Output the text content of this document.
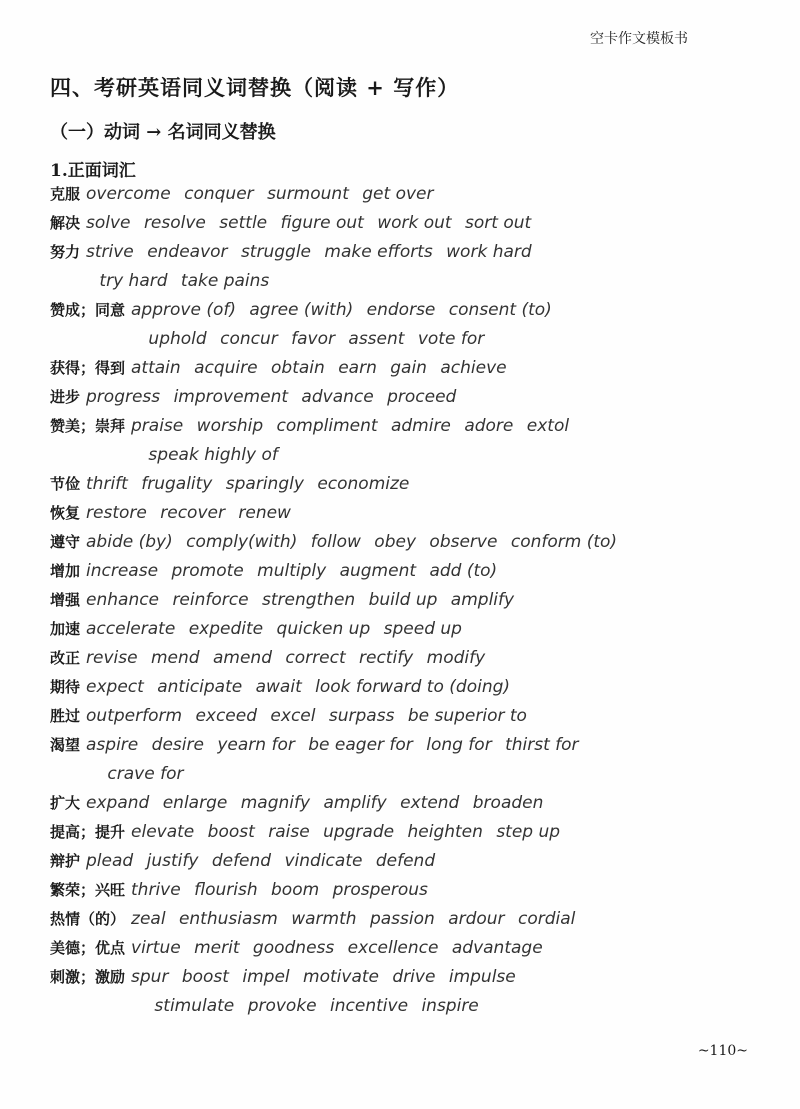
空卡作文模板书
四、考研英语同义词替换（阅读 + 写作）
（一）动词 → 名词同义替换
1.正面词汇
克服 overcome conquer surmount get over
解决 solve resolve settle figure out work out sort out
努力 strive endeavor struggle make efforts work hard
try hard take pains
赞成；同意 approve (of) agree (with) endorse consent (to)
uphold concur favor assent vote for
获得；得到 attain acquire obtain earn gain achieve
进步 progress improvement advance proceed
赞美；崇拜 praise worship compliment admire adore extol
speak highly of
节俭 thrift frugality sparingly economize
恢复 restore recover renew
遵守 abide (by) comply(with) follow obey observe conform (to)
增加 increase promote multiply augment add (to)
增强 enhance reinforce strengthen build up amplify
加速 accelerate expedite quicken up speed up
改正 revise mend amend correct rectify modify
期待 expect anticipate await look forward to (doing)
胜过 outperform exceed excel surpass be superior to
渴望 aspire desire yearn for be eager for long for thirst for
crave for
扩大 expand enlarge magnify amplify extend broaden
提高；提升 elevate boost raise upgrade heighten step up
辩护 plead justify defend vindicate defend
繁荣；兴旺 thrive flourish boom prosperous
热情（的） zeal enthusiasm warmth passion ardour cordial
美德；优点 virtue merit goodness excellence advantage
刺激；激励 spur boost impel motivate drive impulse
stimulate provoke incentive inspire
~110~
